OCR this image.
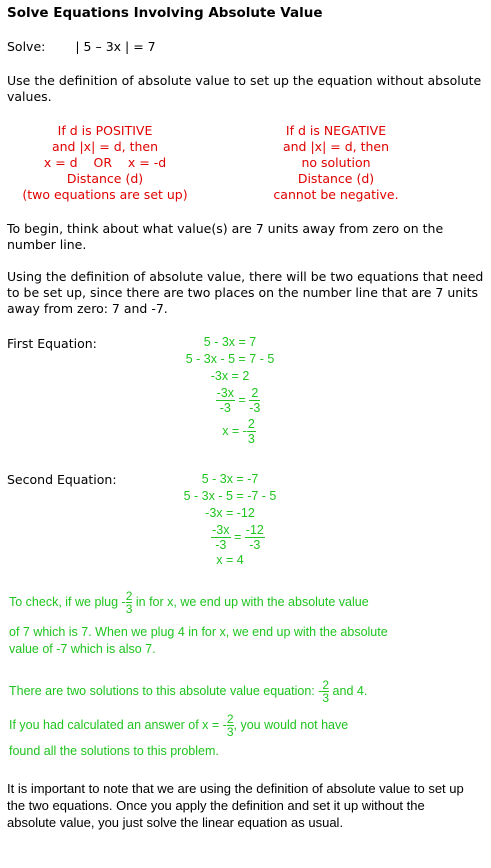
Solve Equations Involving Absolute Value
Solve: | 5 – 3x | = 7
Use the definition of absolute value to set up the equation without absolute values.
If d is POSITIVE
and |x| = d, then
x = d    OR    x = -d
Distance (d)
(two equations are set up)
If d is NEGATIVE
and |x| = d, then
no solution
Distance (d)
cannot be negative.
To begin, think about what value(s) are 7 units away from zero on the number line.
Using the definition of absolute value, there will be two equations that need to be set up, since there are two places on the number line that are 7 units away from zero: 7 and -7.
First Equation:	5 - 3x = 7
5 - 3x - 5 = 7 - 5
-3x = 2
$\frac{-3x}{-3} = \frac{2}{-3}$
x = - $\frac{2}{3}$
Second Equation:	5 - 3x = -7
5 - 3x - 5 = -7 - 5
-3x = -12
$\frac{-3x}{-3} = \frac{-12}{-3}$
x = 4
To check, if we plug - $\frac{2}{3}$ in for x, we end up with the absolute value
of 7 which is 7. When we plug 4 in for x, we end up with the absolute
value of -7 which is also 7.
There are two solutions to this absolute value equation: - $\frac{2}{3}$ and 4.
If you had calculated an answer of x = - $\frac{2}{3}$ , you would not have
found all the solutions to this problem.
It is important to note that we are using the definition of absolute value to set up the two equations. Once you apply the definition and set it up without the absolute value, you just solve the linear equation as usual.
